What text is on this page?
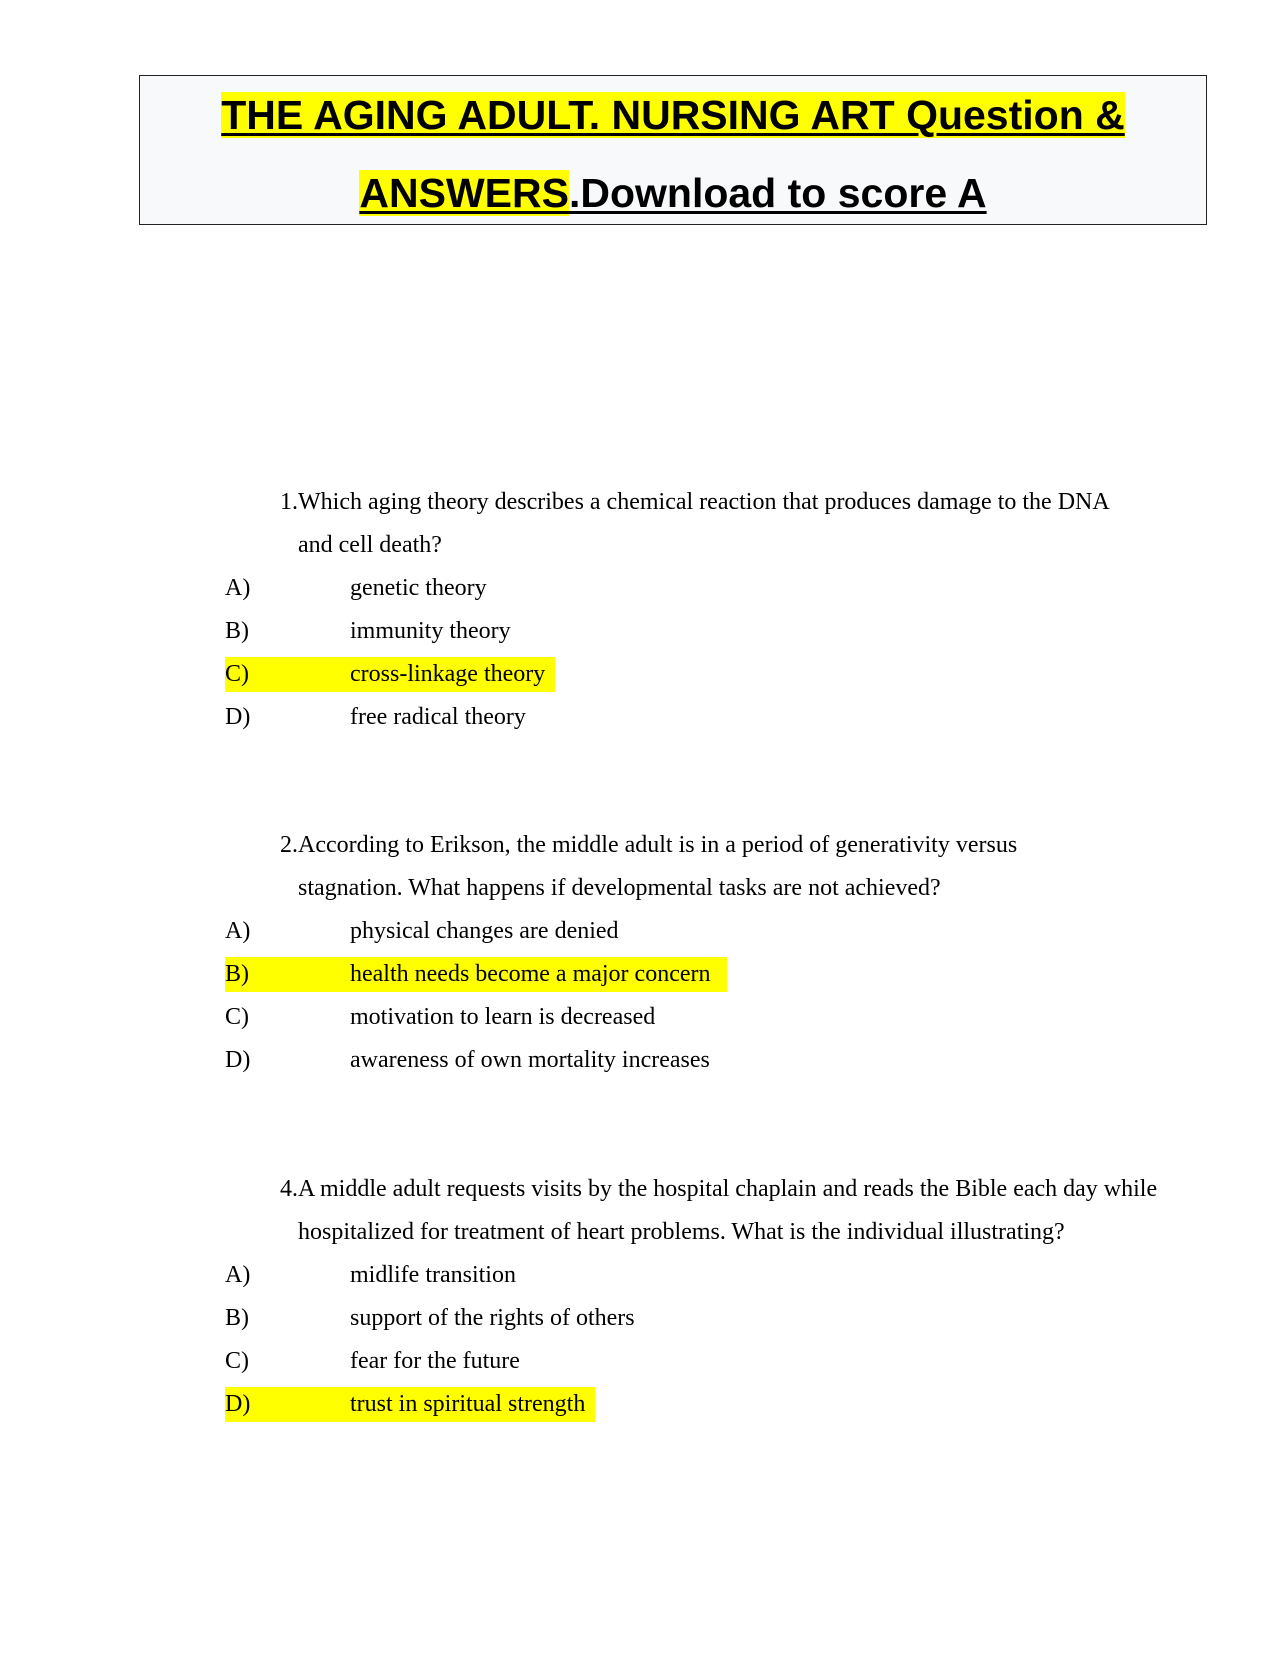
THE AGING ADULT. NURSING ART Question &
ANSWERS.Download to score A

1.Which aging theory describes a chemical reaction that produces damage to the DNA
and cell death?

A)	genetic theory
B)	immunity theory
C)	cross-linkage theory
D)	free radical theory

2.According to Erikson, the middle adult is in a period of generativity versus
stagnation. What happens if developmental tasks are not achieved?

A)	physical changes are denied
B)	health needs become a major concern
C)	motivation to learn is decreased
D)	awareness of own mortality increases

4.A middle adult requests visits by the hospital chaplain and reads the Bible each day while
hospitalized for treatment of heart problems. What is the individual illustrating?

A)	midlife transition
B)	support of the rights of others
C)	fear for the future
D)	trust in spiritual strength
